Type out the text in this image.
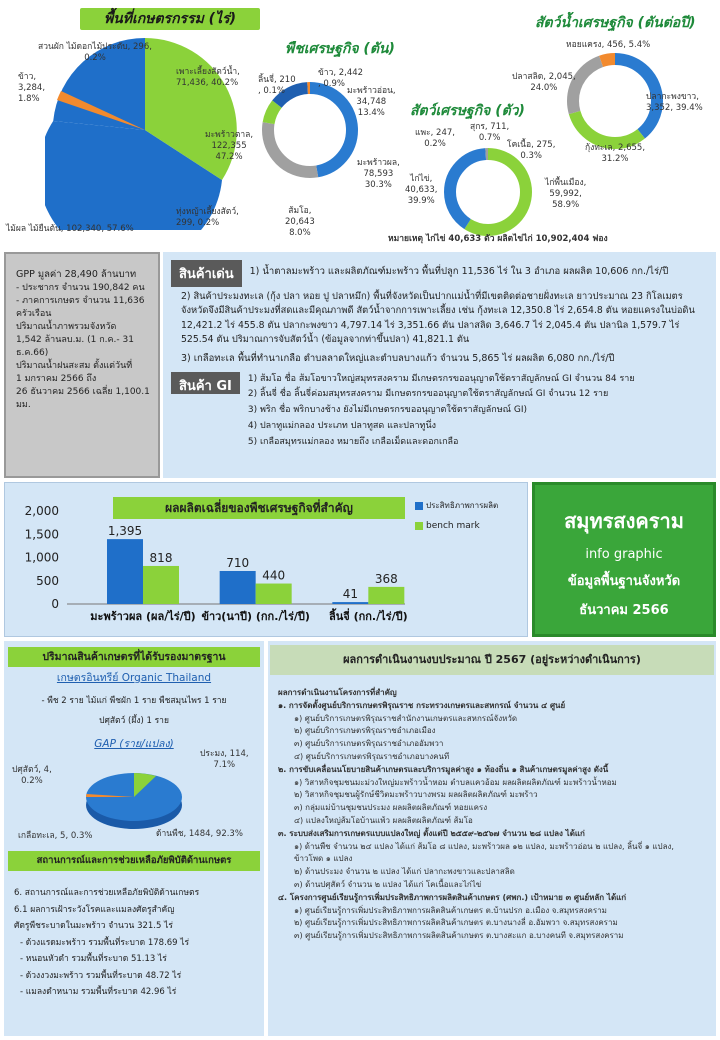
พื้นที่เกษตรกรรม (ไร่)
สวนผัก ไม้ดอกไม้ประดับ, 296,
0.2%
ข้าว,
3,284,
1.8%
เพาะเลี้ยงสัตว์น้ำ, 71,436, 40.2%
ทุ่งหญ้าเลี้ยงสัตว์,
299, 0.2%
ไม้ผล ไม้ยืนต้น, 102,340, 57.6%
พืชเศรษฐกิจ (ตัน)
ลิ้นจี่, 210
, 0.1%
ข้าว, 2,442
, 0.9%
มะพร้าวอ่อน,
34,748
13.4%
มะพร้าวตาล,
122,355
47.2%
มะพร้าวผล,
78,593
30.3%
ส้มโอ,
20,643
8.0%
สัตว์เศรษฐกิจ (ตัว)
แพะ, 247,
0.2%
สุกร, 711,
0.7%
โคเนื้อ, 275,
0.3%
ไก่ไข่,
40,633,
39.9%
ไก่พื้นเมือง,
59,992,
58.9%
หมายเหตุ ไก่ไข่ 40,633 ตัว ผลิตไข่ไก่ 10,902,404 ฟอง
สัตว์น้ำเศรษฐกิจ (ตันต่อปี)
หอยแครง, 456, 5.4%
ปลาสลิด, 2,045,
24.0%
ปลากะพงขาว,
3,352, 39.4%
กุ้งทะเล, 2,655,
31.2%
GPP มูลค่า 28,490 ล้านบาท
- ประชากร จำนวน 190,842 คน
- ภาคการเกษตร จำนวน 11,636
ครัวเรือน
ปริมาณน้ำภาพรวมจังหวัด
1,542 ล้านลบ.ม. (1 ก.ค.- 31
ธ.ค.66)
ปริมาณน้ำฝนสะสม ตั้งแต่วันที่
1 มกราคม 2566 ถึง
26 ธันวาคม 2566 เฉลี่ย 1,100.1
มม.
สินค้าเด่น	1) น้ำตาลมะพร้าว และผลิตภัณฑ์มะพร้าว พื้นที่ปลูก 11,536 ไร่ ใน 3 อำเภอ ผลผลิต 10,606 กก./ไร่/ปี
2) สินค้าประมงทะเล (กุ้ง ปลา หอย ปู ปลาหมึก) พื้นที่จังหวัดเป็นปากแม่น้ำที่มีเขตติดต่อชายฝั่งทะเล ยาวประมาณ 23 กิโลเมตร จังหวัดจึงมีสินค้าประมงที่สดและมีคุณภาพดี สัตว์น้ำจากการเพาะเลี้ยง เช่น กุ้งทะเล 12,350.8 ไร่ 2,654.8 ตัน หอยแครงในบ่อดิน 12,421.2 ไร่ 455.8 ตัน ปลากะพงขาว 4,797.14 ไร่ 3,351.66 ตัน ปลาสลิด 3,646.7 ไร่ 2,045.4 ตัน ปลานิล 1,579.7 ไร่ 525.54 ตัน ปริมาณการจับสัตว์น้ำ (ข้อมูลจากท่าขึ้นปลา) 41,821.1 ตัน
3) เกลือทะเล พื้นที่ทำนาเกลือ ตำบลลาดใหญ่และตำบลบางแก้ว จำนวน 5,865 ไร่ ผลผลิต 6,080 กก./ไร่/ปี
สินค้า GI	1) ส้มโอ ชื่อ ส้มโอขาวใหญ่สมุทรสงคราม มีเกษตรกรขออนุญาตใช้ตราสัญลักษณ์ GI จำนวน 84 ราย
2) ลิ้นจี่ ชื่อ ลิ้นจี่ค่อมสมุทรสงคราม มีเกษตรกรขออนุญาตใช้ตราสัญลักษณ์ GI จำนวน 12 ราย
3) พริก ชื่อ พริกบางช้าง ยังไม่มีเกษตรกรขออนุญาตใช้ตราสัญลักษณ์ GI)
4) ปลาทูแม่กลอง ประเภท ปลาทูสด และปลาทูนึ่ง
5) เกลือสมุทรแม่กลอง หมายถึง เกลือเม็ดและดอกเกลือ
ผลผลิตเฉลี่ยของพืชเศรษฐกิจที่สำคัญ
0
500
1,000
1,500
2,000
1,395
818
มะพร้าวผล (ผล/ไร่/ปี)
710
440
ข้าว(นาปี) (กก./ไร่/ปี)
41
368
ลิ้นจี่ (กก./ไร่/ปี)
ประสิทธิภาพการผลิต
bench mark	สมุทรสงคราม
info graphic
ข้อมูลพื้นฐานจังหวัด
ธันวาคม 2566
ปริมาณสินค้าเกษตรที่ได้รับรองมาตรฐาน
เกษตรอินทรีย์ Organic Thailand
- พืช 2 ราย ไม้แก่ พืชผัก 1 ราย พืชสมุนไพร 1 ราย
ปศุสัตว์ (ผึ้ง) 1 ราย
GAP (ราย/แปลง)
ประมง, 114,
7.1%
ปศุสัตว์, 4,
0.2%
เกลือทะเล, 5, 0.3%	ด้านพืช, 1484, 92.3%
สถานการณ์และการช่วยเหลือภัยพิบัติด้านเกษตร
6. สถานการณ์และการช่วยเหลือภัยพิบัติด้านเกษตร
6.1 ผลการเฝ้าระวังโรคและแมลงศัตรูสำคัญ
ศัตรูพืชระบาดในมะพร้าว จำนวน 321.5 ไร่
- ด้วงแรดมะพร้าว รวมพื้นที่ระบาด 178.69 ไร่
- หนอนหัวดำ รวมพื้นที่ระบาด 51.13 ไร่
- ด้วงงวงมะพร้าว รวมพื้นที่ระบาด 48.72 ไร่
- แมลงดำหนาม รวมพื้นที่ระบาด 42.96 ไร่
ผลการดำเนินงานงบประมาณ ปี 2567 (อยู่ระหว่างดำเนินการ)
ผลการดำเนินงานโครงการที่สำคัญ
๑. การจัดตั้งศูนย์บริการเกษตรพิรุณราช กระทรวงเกษตรและสหกรณ์ จำนวน ๔ ศูนย์
๑) ศูนย์บริการเกษตรพิรุณราชสำนักงานเกษตรและสหกรณ์จังหวัด
๒) ศูนย์บริการเกษตรพิรุณราชอำเภอเมือง
๓) ศูนย์บริการเกษตรพิรุณราชอำเภออัมพวา
๔) ศูนย์บริการเกษตรพิรุณราชอำเภอบางคนที
๒. การขับเคลื่อนนโยบายสินค้าเกษตรและบริการมูลค่าสูง ๑ ท้องถิ่น ๑ สินค้าเกษตรมูลค่าสูง ดังนี้
๑) วิสาหกิจชุมชนมะม่วงใหญ่มะพร้าวน้ำหอม ตำบลแควอ้อม ผลผลิตผลิตภัณฑ์ มะพร้าวน้ำหอม
๒) วิสาหกิจชุมชนผู้รักษ์ชีวิตมะพร้าวบางพรม ผลผลิตผลิตภัณฑ์ มะพร้าว
๓) กลุ่มแม่บ้านชุมชนประมง ผลผลิตผลิตภัณฑ์ หอยแครง
๔) แปลงใหญ่ส้มโอบ้านแพ้ว ผลผลิตผลิตภัณฑ์ ส้มโอ
๓. ระบบส่งเสริมการเกษตรแบบแปลงใหญ่ ตั้งแต่ปี ๒๕๕๙-๒๕๖๗ จำนวน ๒๘ แปลง ได้แก่
๑) ด้านพืช จำนวน ๒๔ แปลง ได้แก่ ส้มโอ ๘ แปลง, มะพร้าวผล ๑๒ แปลง, มะพร้าวอ่อน ๒ แปลง, ลิ้นจี่ ๑ แปลง,
ข้าวโพด ๑ แปลง
๒) ด้านประมง จำนวน ๒ แปลง ได้แก่ ปลากะพงขาวและปลาสลิด
๓) ด้านปศุสัตว์ จำนวน ๒ แปลง ได้แก่ โคเนื้อและไก่ไข่
๔. โครงการศูนย์เรียนรู้การเพิ่มประสิทธิภาพการผลิตสินค้าเกษตร (ศพก.) เป้าหมาย ๓ ศูนย์หลัก ได้แก่
๑) ศูนย์เรียนรู้การเพิ่มประสิทธิภาพการผลิตสินค้าเกษตร ต.บ้านปรก อ.เมือง จ.สมุทรสงคราม
๒) ศูนย์เรียนรู้การเพิ่มประสิทธิภาพการผลิตสินค้าเกษตร ต.บางนางลี่ อ.อัมพวา จ.สมุทรสงคราม
๓) ศูนย์เรียนรู้การเพิ่มประสิทธิภาพการผลิตสินค้าเกษตร ต.บางสะแก อ.บางคนที จ.สมุทรสงคราม
